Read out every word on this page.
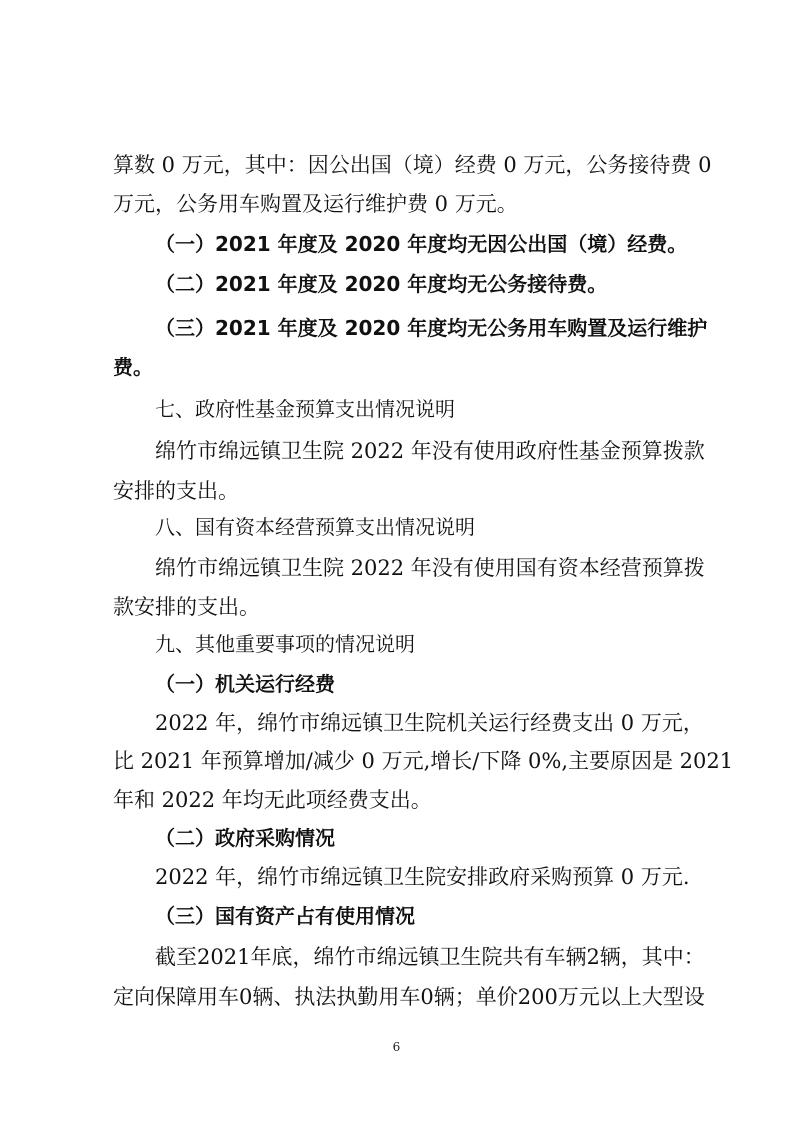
算数 0 万元，其中：因公出国（境）经费 0 万元，公务接待费 0
万元，公务用车购置及运行维护费 0 万元。
（一）2021 年度及 2020 年度均无因公出国（境）经费。
（二）2021 年度及 2020 年度均无公务接待费。
（三）2021 年度及 2020 年度均无公务用车购置及运行维护
费。
七、政府性基金预算支出情况说明
绵竹市绵远镇卫生院 2022 年没有使用政府性基金预算拨款
安排的支出。
八、国有资本经营预算支出情况说明
绵竹市绵远镇卫生院 2022 年没有使用国有资本经营预算拨
款安排的支出。
九、其他重要事项的情况说明
（一）机关运行经费
2022 年，绵竹市绵远镇卫生院机关运行经费支出 0 万元，
比 2021 年预算增加/减少 0 万元,增长/下降 0%,主要原因是 2021
年和 2022 年均无此项经费支出。
（二）政府采购情况
2022 年，绵竹市绵远镇卫生院安排政府采购预算 0 万元.
（三）国有资产占有使用情况
截至2021年底，绵竹市绵远镇卫生院共有车辆2辆，其中：
定向保障用车0辆、执法执勤用车0辆；单价200万元以上大型设
6
